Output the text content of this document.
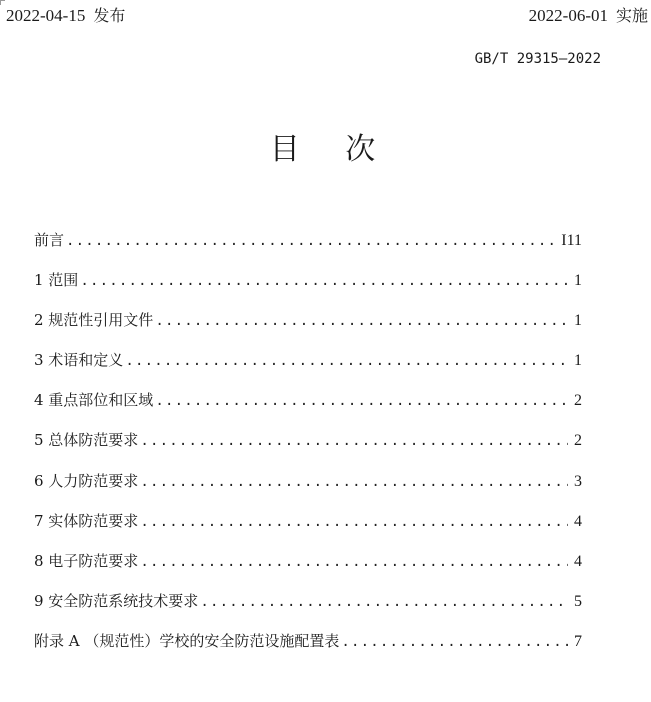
2022-04-15 发布	2022-06-01 实施
GB/T 29315—2022
目 次
前言 .....	I11
1 范围 .....	1
2 规范性引用文件 .....	1
3 术语和定义 .....	1
4 重点部位和区域 .....	2
5 总体防范要求 .....	2
6 人力防范要求 .....	3
7 实体防范要求 .....	4
8 电子防范要求 .....	4
9 安全防范系统技术要求 .....	5
附录 A （规范性）学校的安全防范设施配置表 .....	7
